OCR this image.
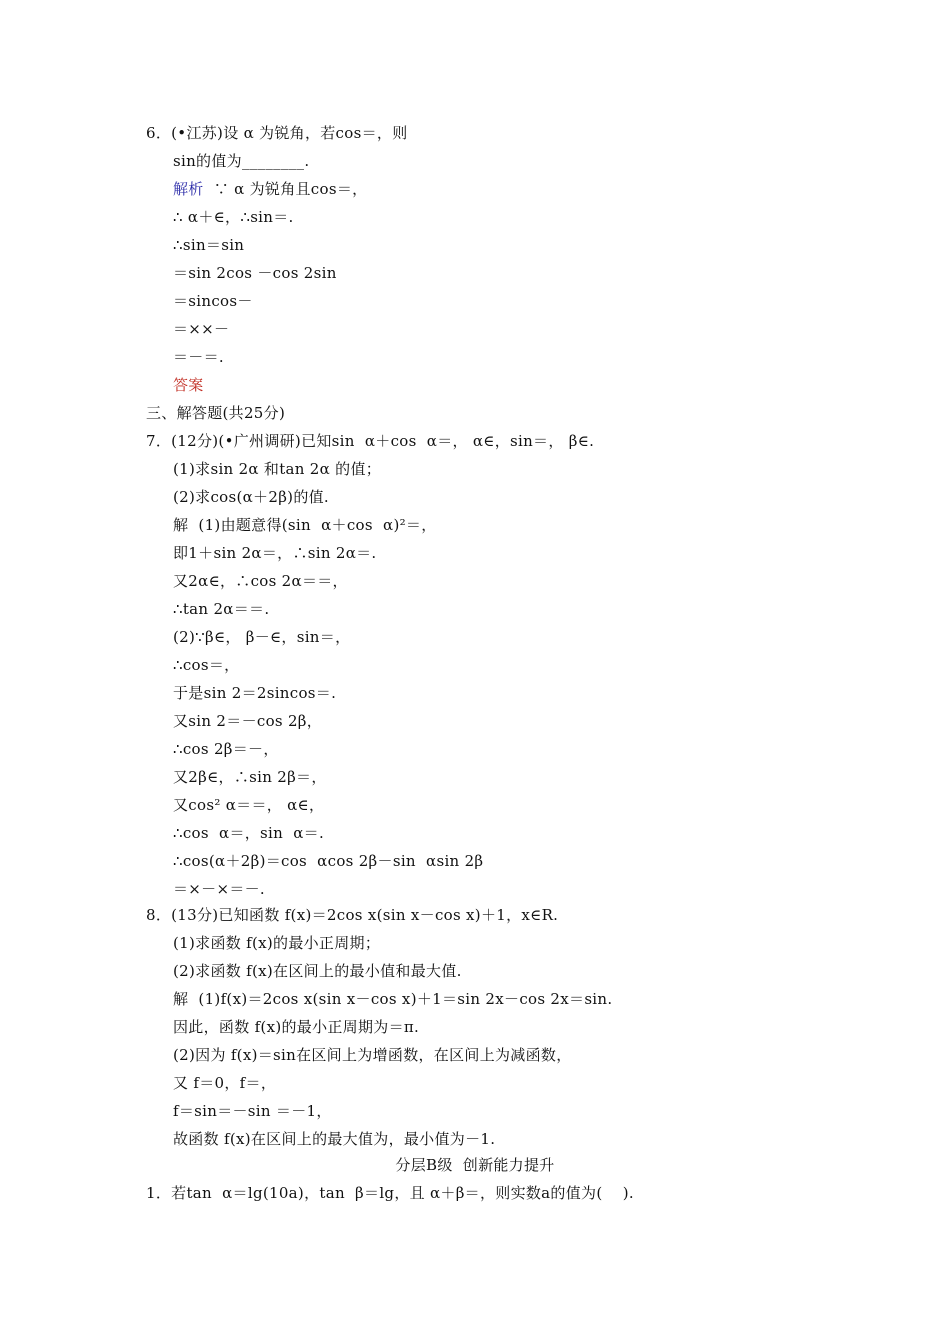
6．(•江苏)设 α 为锐角，若cos＝，则
sin的值为________.
解析  ∵ α 为锐角且cos＝，
∴ α＋∈，∴sin＝.
∴sin＝sin
＝sin 2cos －cos 2sin
＝sincos－
＝××－
＝－＝.
答案
三、解答题(共25分)
7．(12分)(•广州调研)已知sin  α＋cos  α＝， α∈，sin＝， β∈.
(1)求sin 2α 和tan 2α 的值；
(2)求cos(α＋2β)的值.
解  (1)由题意得(sin  α＋cos  α)²＝，
即1＋sin 2α＝，∴sin 2α＝.
又2α∈，∴cos 2α＝＝，
∴tan 2α＝＝.
(2)∵β∈， β－∈，sin＝，
∴cos＝，
于是sin 2＝2sincos＝.
又sin 2＝－cos 2β，
∴cos 2β＝－，
又2β∈，∴sin 2β＝，
又cos² α＝＝， α∈，
∴cos  α＝，sin  α＝.
∴cos(α＋2β)＝cos  αcos 2β－sin  αsin 2β
＝×－×＝－.
8．(13分)已知函数 f(x)＝2cos x(sin x－cos x)＋1，x∈R.
(1)求函数 f(x)的最小正周期；
(2)求函数 f(x)在区间上的最小值和最大值.
解  (1)f(x)＝2cos x(sin x－cos x)＋1＝sin 2x－cos 2x＝sin.
因此，函数 f(x)的最小正周期为＝π.
(2)因为 f(x)＝sin在区间上为增函数，在区间上为减函数，
又 f＝0，f＝，
f＝sin＝－sin ＝－1，
故函数 f(x)在区间上的最大值为，最小值为－1.
分层B级  创新能力提升
1．若tan  α＝lg(10a)，tan  β＝lg，且 α＋β＝，则实数a的值为(    ).
